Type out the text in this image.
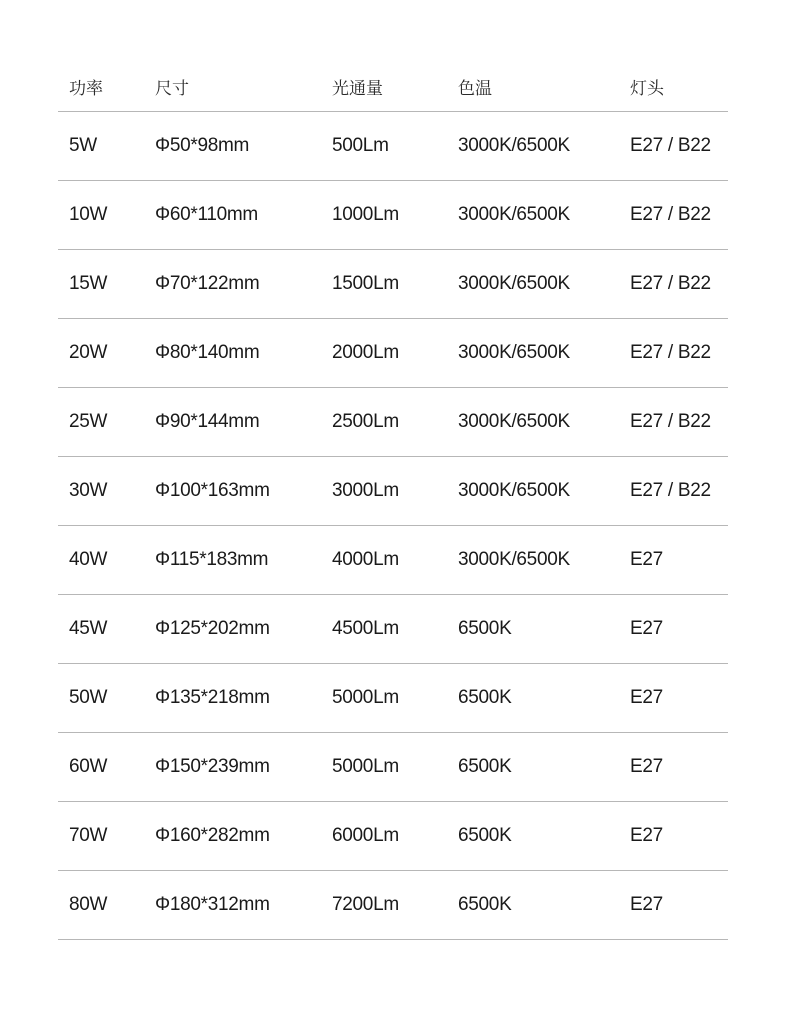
功率	尺寸	光通量	色温	灯头
5W	Φ50*98mm	500Lm	3000K/6500K	E27 / B22
10W	Φ60*110mm	1000Lm	3000K/6500K	E27 / B22
15W	Φ70*122mm	1500Lm	3000K/6500K	E27 / B22
20W	Φ80*140mm	2000Lm	3000K/6500K	E27 / B22
25W	Φ90*144mm	2500Lm	3000K/6500K	E27 / B22
30W	Φ100*163mm	3000Lm	3000K/6500K	E27 / B22
40W	Φ115*183mm	4000Lm	3000K/6500K	E27
45W	Φ125*202mm	4500Lm	6500K	E27
50W	Φ135*218mm	5000Lm	6500K	E27
60W	Φ150*239mm	5000Lm	6500K	E27
70W	Φ160*282mm	6000Lm	6500K	E27
80W	Φ180*312mm	7200Lm	6500K	E27
